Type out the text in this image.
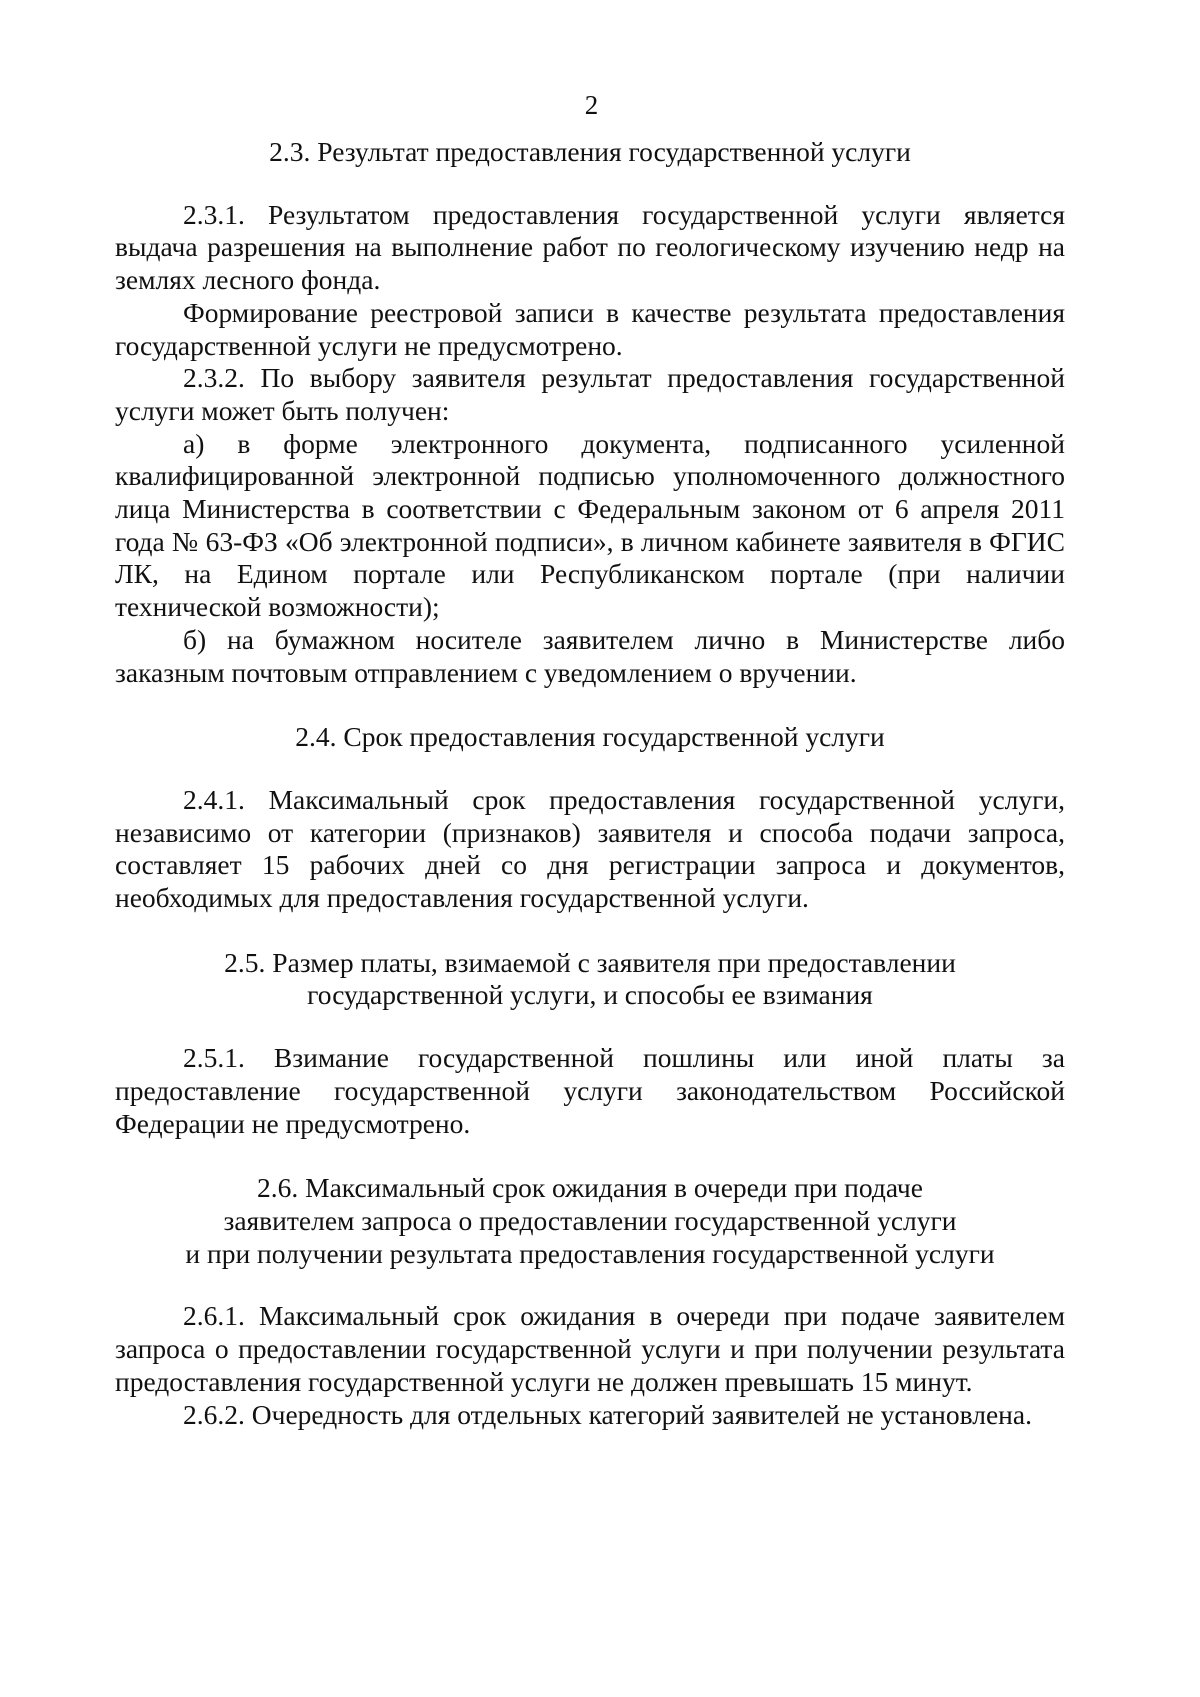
2

2.3. Результат предоставления государственной услуги

2.3.1. Результатом предоставления государственной услуги является выдача разрешения на выполнение работ по геологическому изучению недр на землях лесного фонда.

Формирование реестровой записи в качестве результата предоставления государственной услуги не предусмотрено.

2.3.2. По выбору заявителя результат предоставления государственной услуги может быть получен:

а) в форме электронного документа, подписанного усиленной квалифицированной электронной подписью уполномоченного должностного лица Министерства в соответствии с Федеральным законом от 6 апреля 2011 года № 63-ФЗ «Об электронной подписи», в личном кабинете заявителя в ФГИС ЛК, на Едином портале или Республиканском портале (при наличии технической возможности);

б) на бумажном носителе заявителем лично в Министерстве либо заказным почтовым отправлением с уведомлением о вручении.

2.4. Срок предоставления государственной услуги

2.4.1. Максимальный срок предоставления государственной услуги, независимо от категории (признаков) заявителя и способа подачи запроса, составляет 15 рабочих дней со дня регистрации запроса и документов, необходимых для предоставления государственной услуги.

2.5. Размер платы, взимаемой с заявителя при предоставлении
государственной услуги, и способы ее взимания

2.5.1. Взимание государственной пошлины или иной платы за предоставление государственной услуги законодательством Российской Федерации не предусмотрено.

2.6. Максимальный срок ожидания в очереди при подаче
заявителем запроса о предоставлении государственной услуги
и при получении результата предоставления государственной услуги

2.6.1. Максимальный срок ожидания в очереди при подаче заявителем запроса о предоставлении государственной услуги и при получении результата предоставления государственной услуги не должен превышать 15 минут.

2.6.2. Очередность для отдельных категорий заявителей не установлена.
